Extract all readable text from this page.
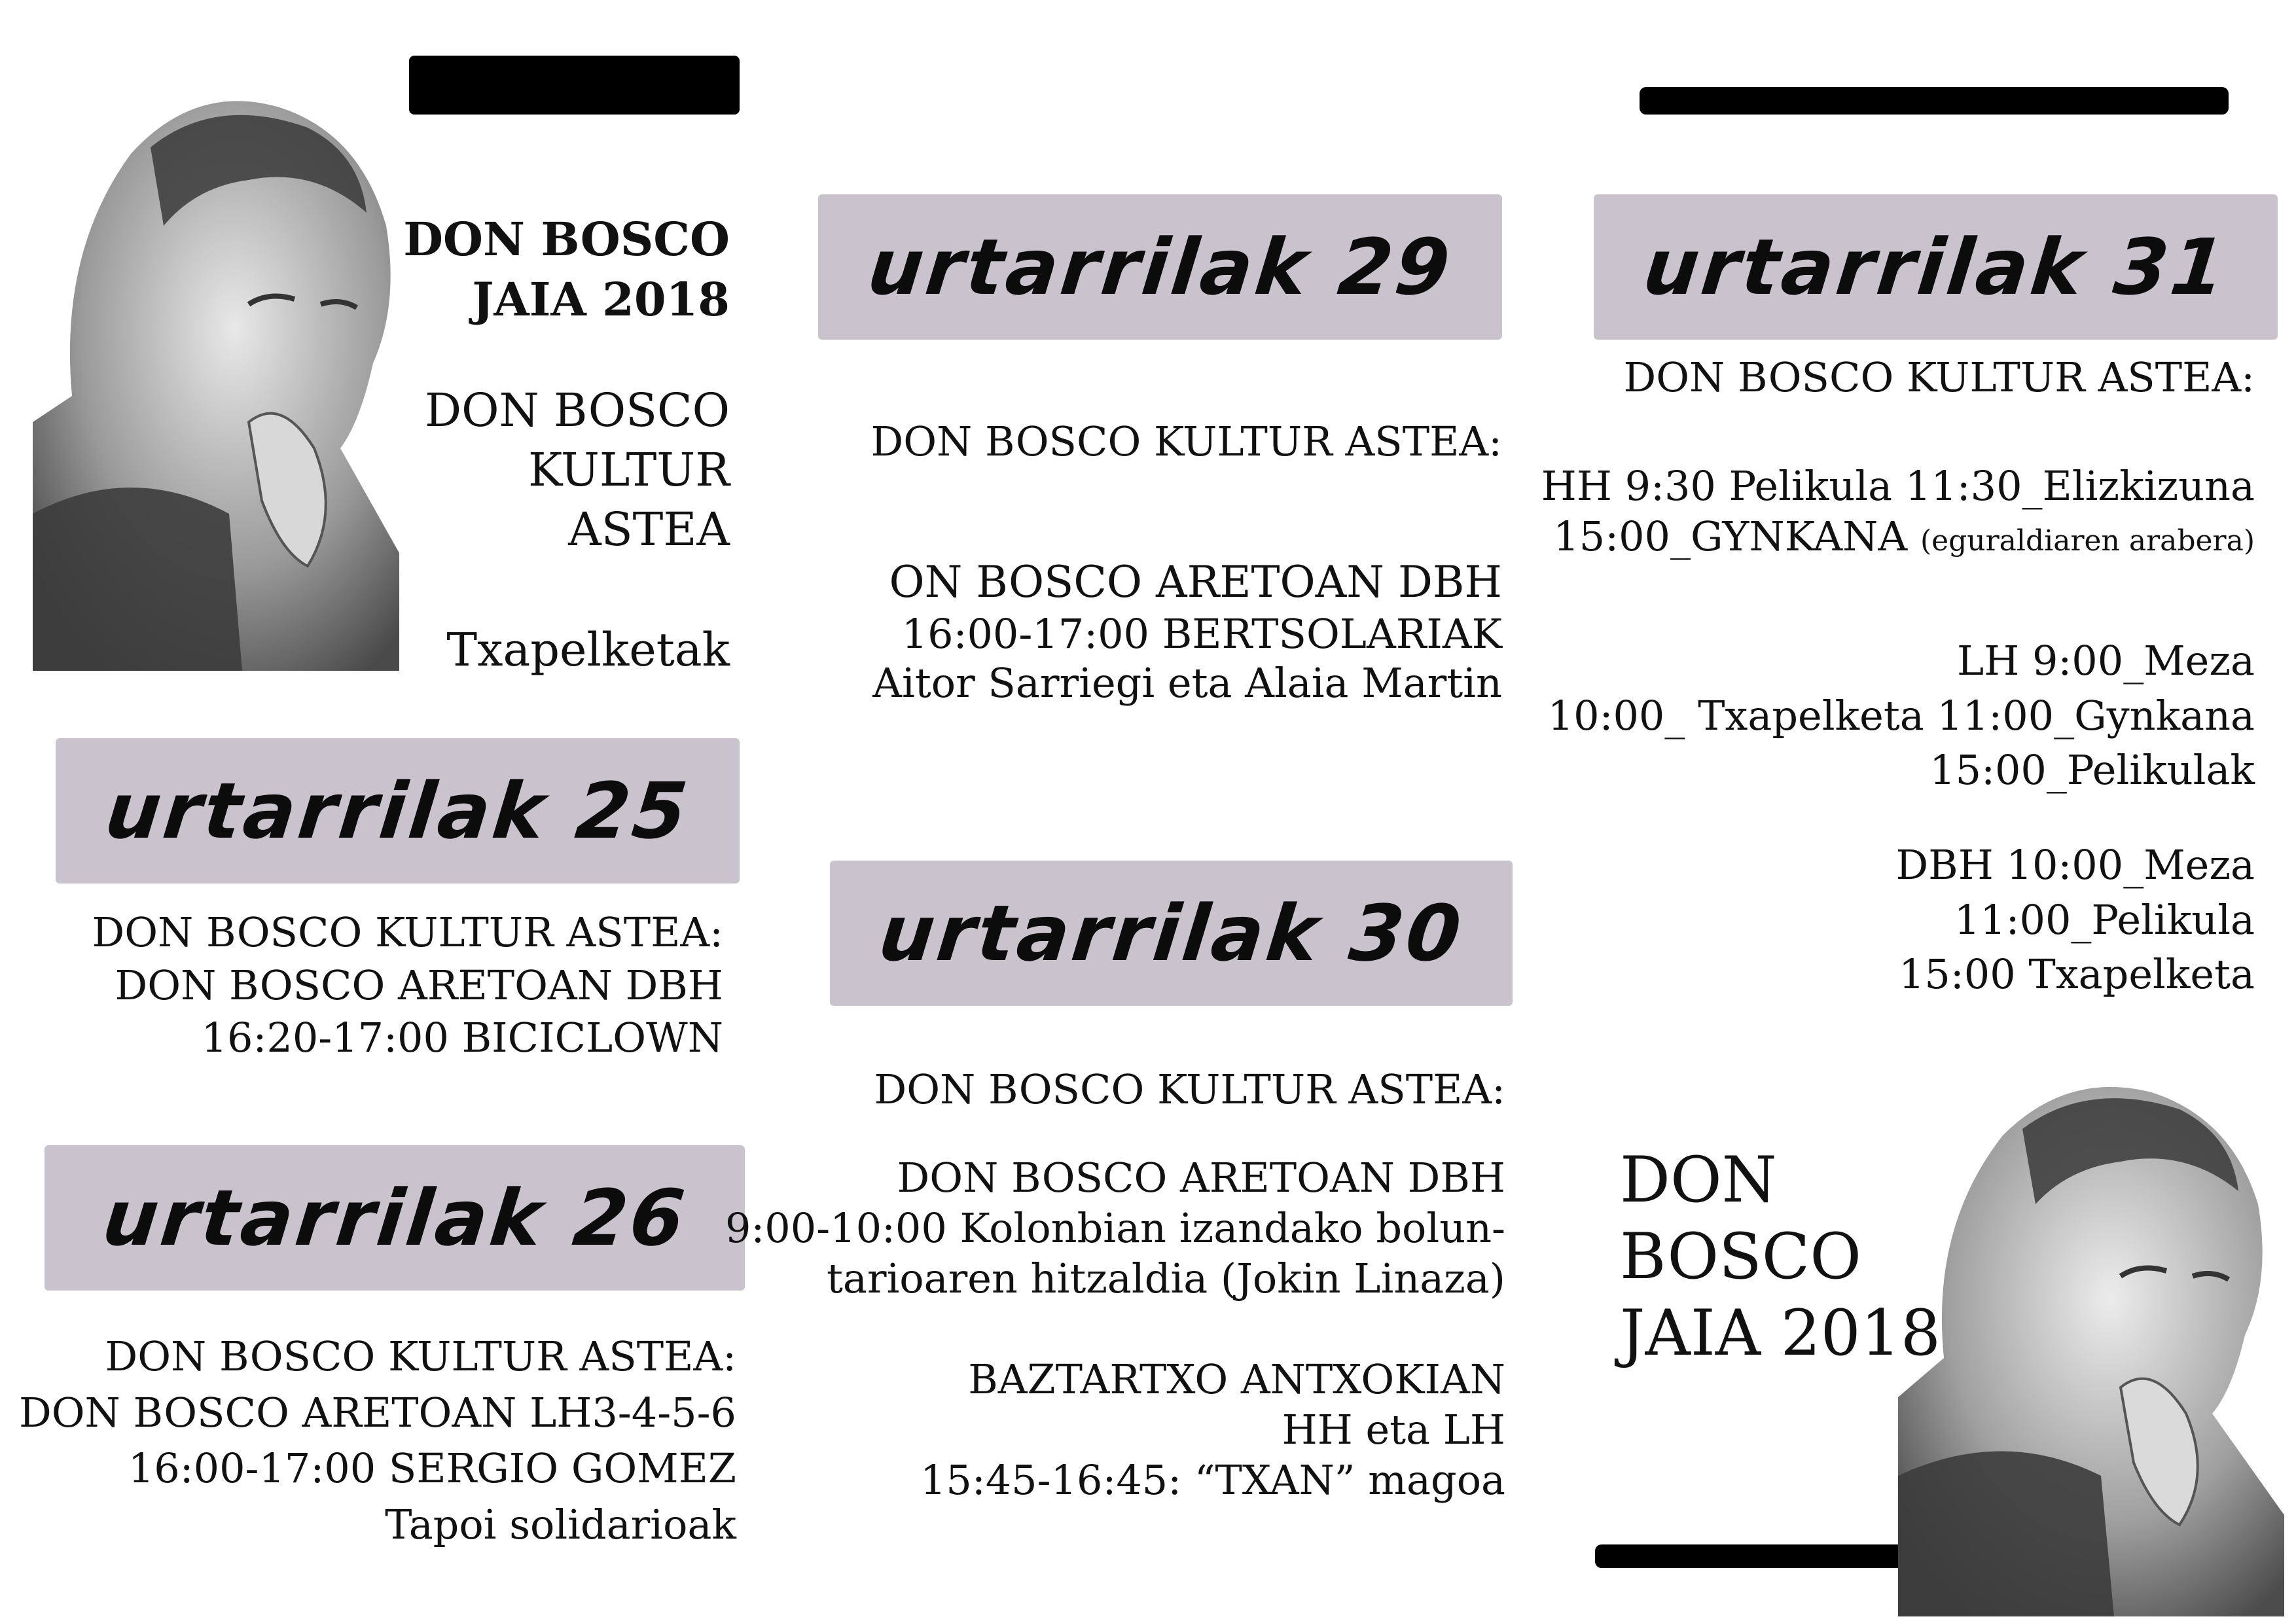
DON BOSCO
JAIA 2018
DON BOSCO
KULTUR
ASTEA
Txapelketak
urtarrilak 25
DON BOSCO KULTUR ASTEA:
DON BOSCO ARETOAN DBH
16:20-17:00 BICICLOWN
urtarrilak 26
DON BOSCO KULTUR ASTEA:
DON BOSCO ARETOAN LH3-4-5-6
16:00-17:00 SERGIO GOMEZ
Tapoi solidarioak
urtarrilak 29
DON BOSCO KULTUR ASTEA:
ON BOSCO ARETOAN DBH
16:00-17:00 BERTSOLARIAK
Aitor Sarriegi eta Alaia Martin
urtarrilak 30
DON BOSCO KULTUR ASTEA:
DON BOSCO ARETOAN DBH
9:00-10:00 Kolonbian izandako bolun-
tarioaren hitzaldia (Jokin Linaza)
BAZTARTXO ANTXOKIAN
HH eta LH
15:45-16:45: “TXAN” magoa
urtarrilak 31
DON BOSCO KULTUR ASTEA:
HH 9:30 Pelikula 11:30_Elizkizuna
15:00_GYNKANA (eguraldiaren arabera)
LH 9:00_Meza
10:00_ Txapelketa 11:00_Gynkana
15:00_Pelikulak
DBH 10:00_Meza
11:00_Pelikula
15:00 Txapelketa
DON
BOSCO
JAIA 2018
